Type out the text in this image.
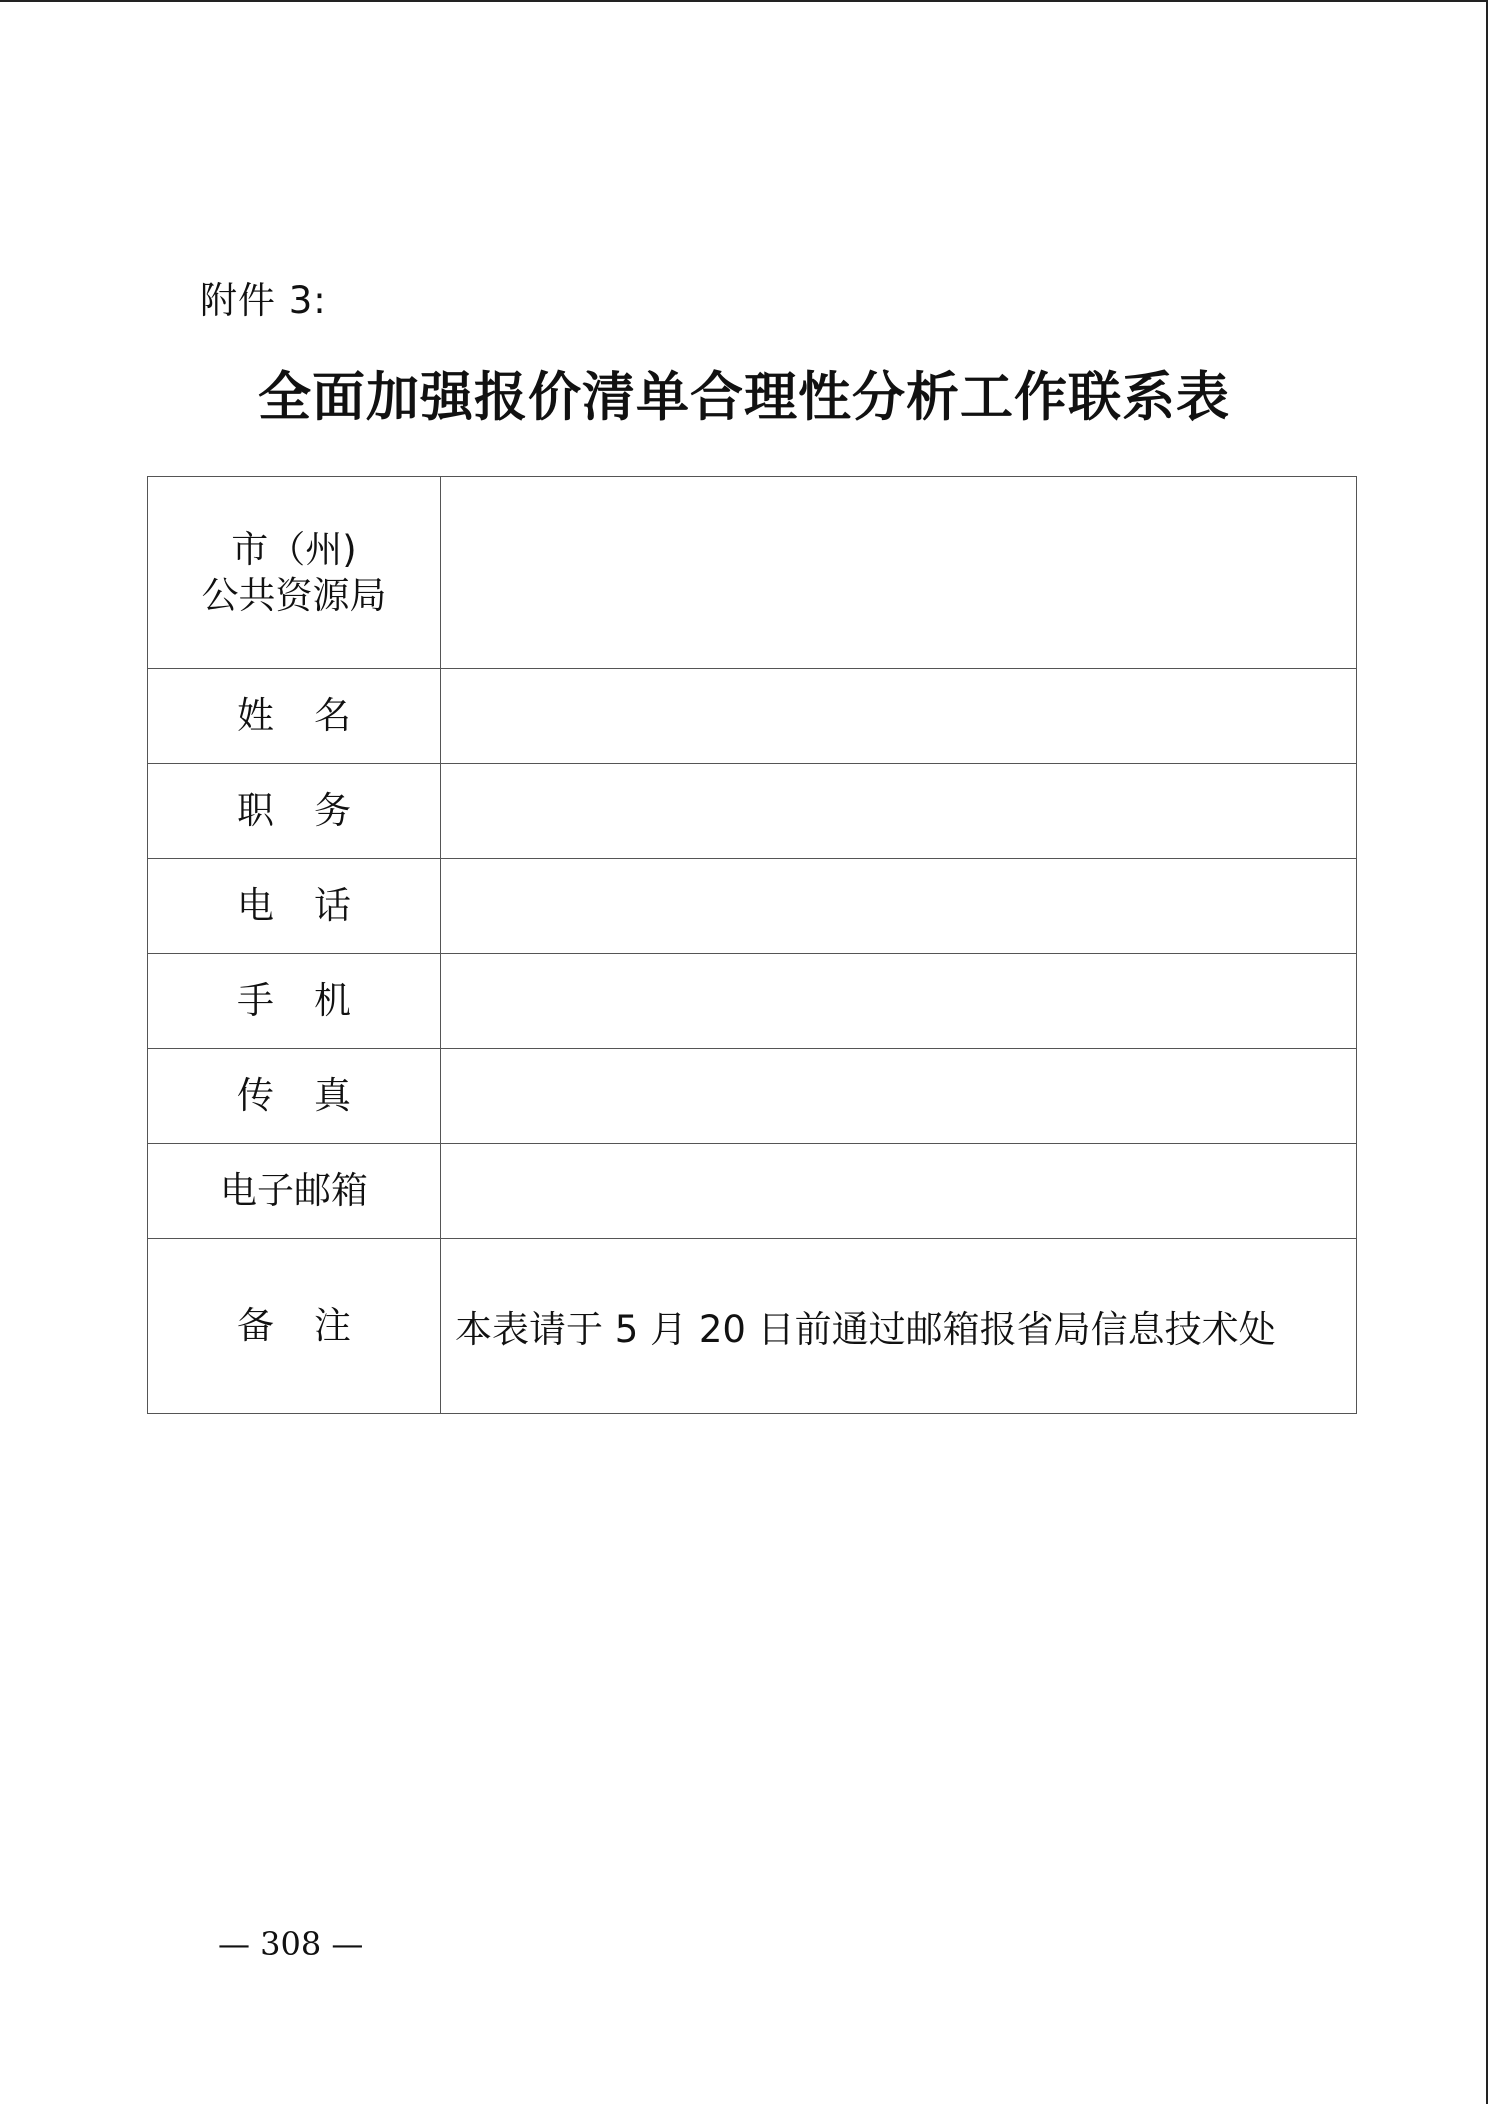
附件 3:
全面加强报价清单合理性分析工作联系表
市（州)
公共资源局	

姓名	
职务	
电话	
手机	
传真	
电子邮箱	
备注	本表请于 5 月 20 日前通过邮箱报省局信息技术处
— 308 —
